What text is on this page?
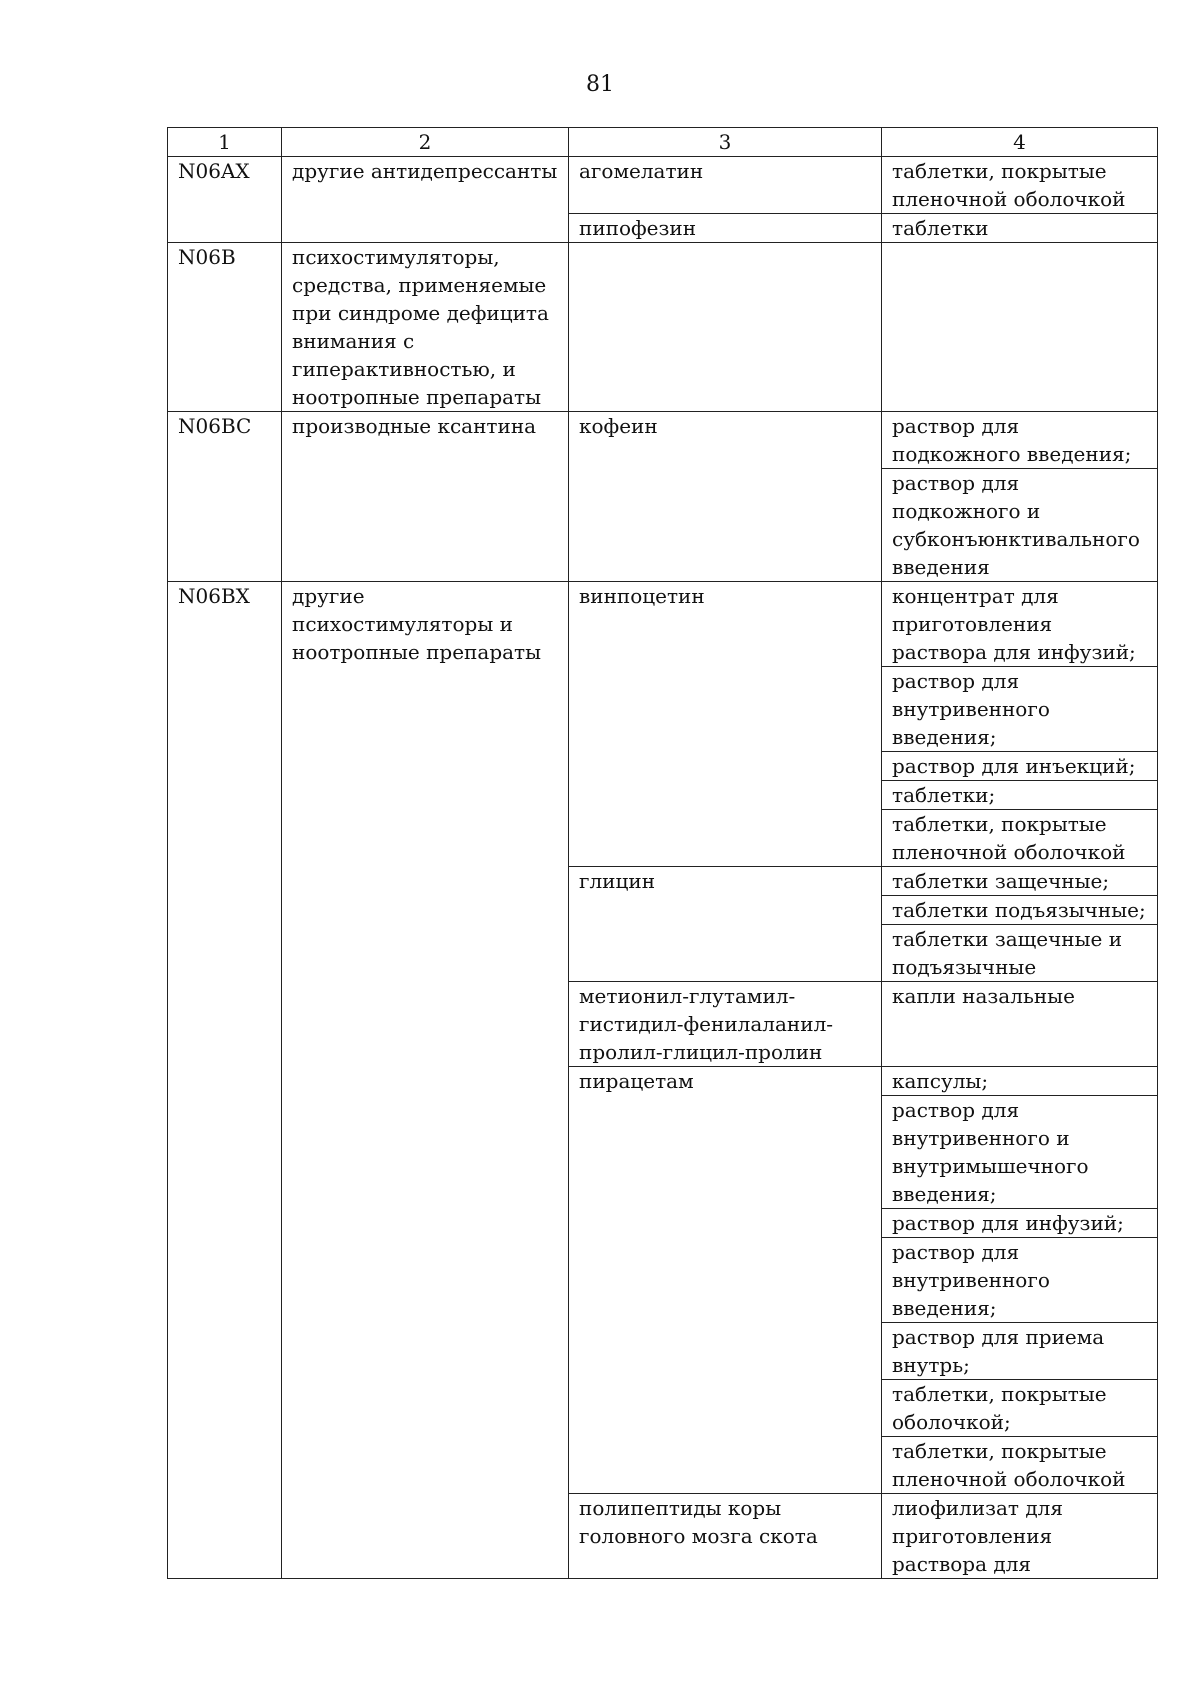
81
1	2	3	4
N06AX	другие антидепрессанты	агомелатин	таблетки, покрытые пленочной оболочкой
		пипофезин	таблетки
N06B	психостимуляторы, средства, применяемые при синдроме дефицита внимания с гиперактивностью, и ноотропные препараты		
N06BC	производные ксантина	кофеин	раствор для подкожного введения;
			раствор для подкожного и субконъюнктивального введения
N06BX	другие психостимуляторы и ноотропные препараты	винпоцетин	концентрат для приготовления раствора для инфузий;
			раствор для внутривенного введения;
			раствор для инъекций;
			таблетки;
			таблетки, покрытые пленочной оболочкой
		глицин	таблетки защечные;
			таблетки подъязычные;
			таблетки защечные и подъязычные
		метионил-глутамил-гистидил-фенилаланил-пролил-глицил-пролин	капли назальные
		пирацетам	капсулы;
			раствор для внутривенного и внутримышечного введения;
			раствор для инфузий;
			раствор для внутривенного введения;
			раствор для приема внутрь;
			таблетки, покрытые оболочкой;
			таблетки, покрытые пленочной оболочкой
		полипептиды коры головного мозга скота	лиофилизат для приготовления раствора для
